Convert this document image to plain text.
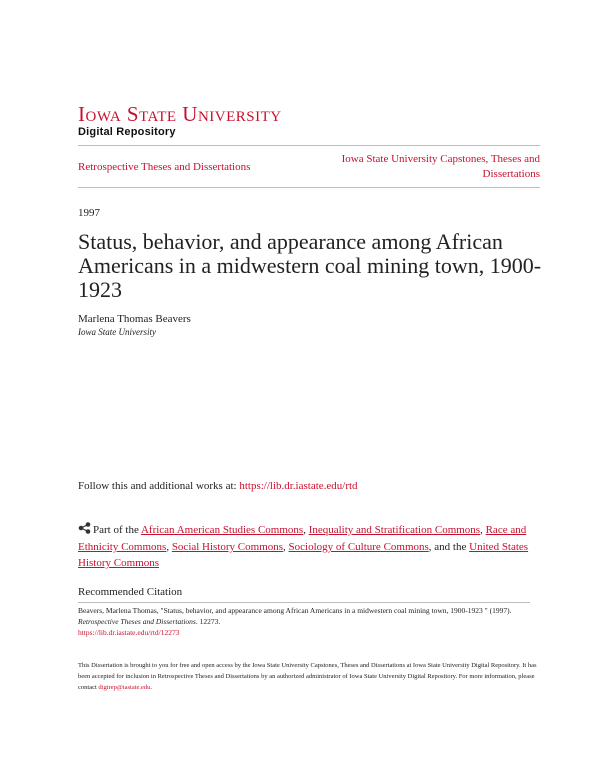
Iowa State University
Digital Repository
Retrospective Theses and Dissertations
Iowa State University Capstones, Theses and Dissertations
1997
Status, behavior, and appearance among African Americans in a midwestern coal mining town, 1900-1923
Marlena Thomas Beavers
Iowa State University
Follow this and additional works at: https://lib.dr.iastate.edu/rtd
Part of the African American Studies Commons, Inequality and Stratification Commons, Race and Ethnicity Commons, Social History Commons, Sociology of Culture Commons, and the United States History Commons
Recommended Citation
Beavers, Marlena Thomas, "Status, behavior, and appearance among African Americans in a midwestern coal mining town, 1900-1923 " (1997). Retrospective Theses and Dissertations. 12273.
https://lib.dr.iastate.edu/rtd/12273
This Dissertation is brought to you for free and open access by the Iowa State University Capstones, Theses and Dissertations at Iowa State University Digital Repository. It has been accepted for inclusion in Retrospective Theses and Dissertations by an authorized administrator of Iowa State University Digital Repository. For more information, please contact digirep@iastate.edu.
